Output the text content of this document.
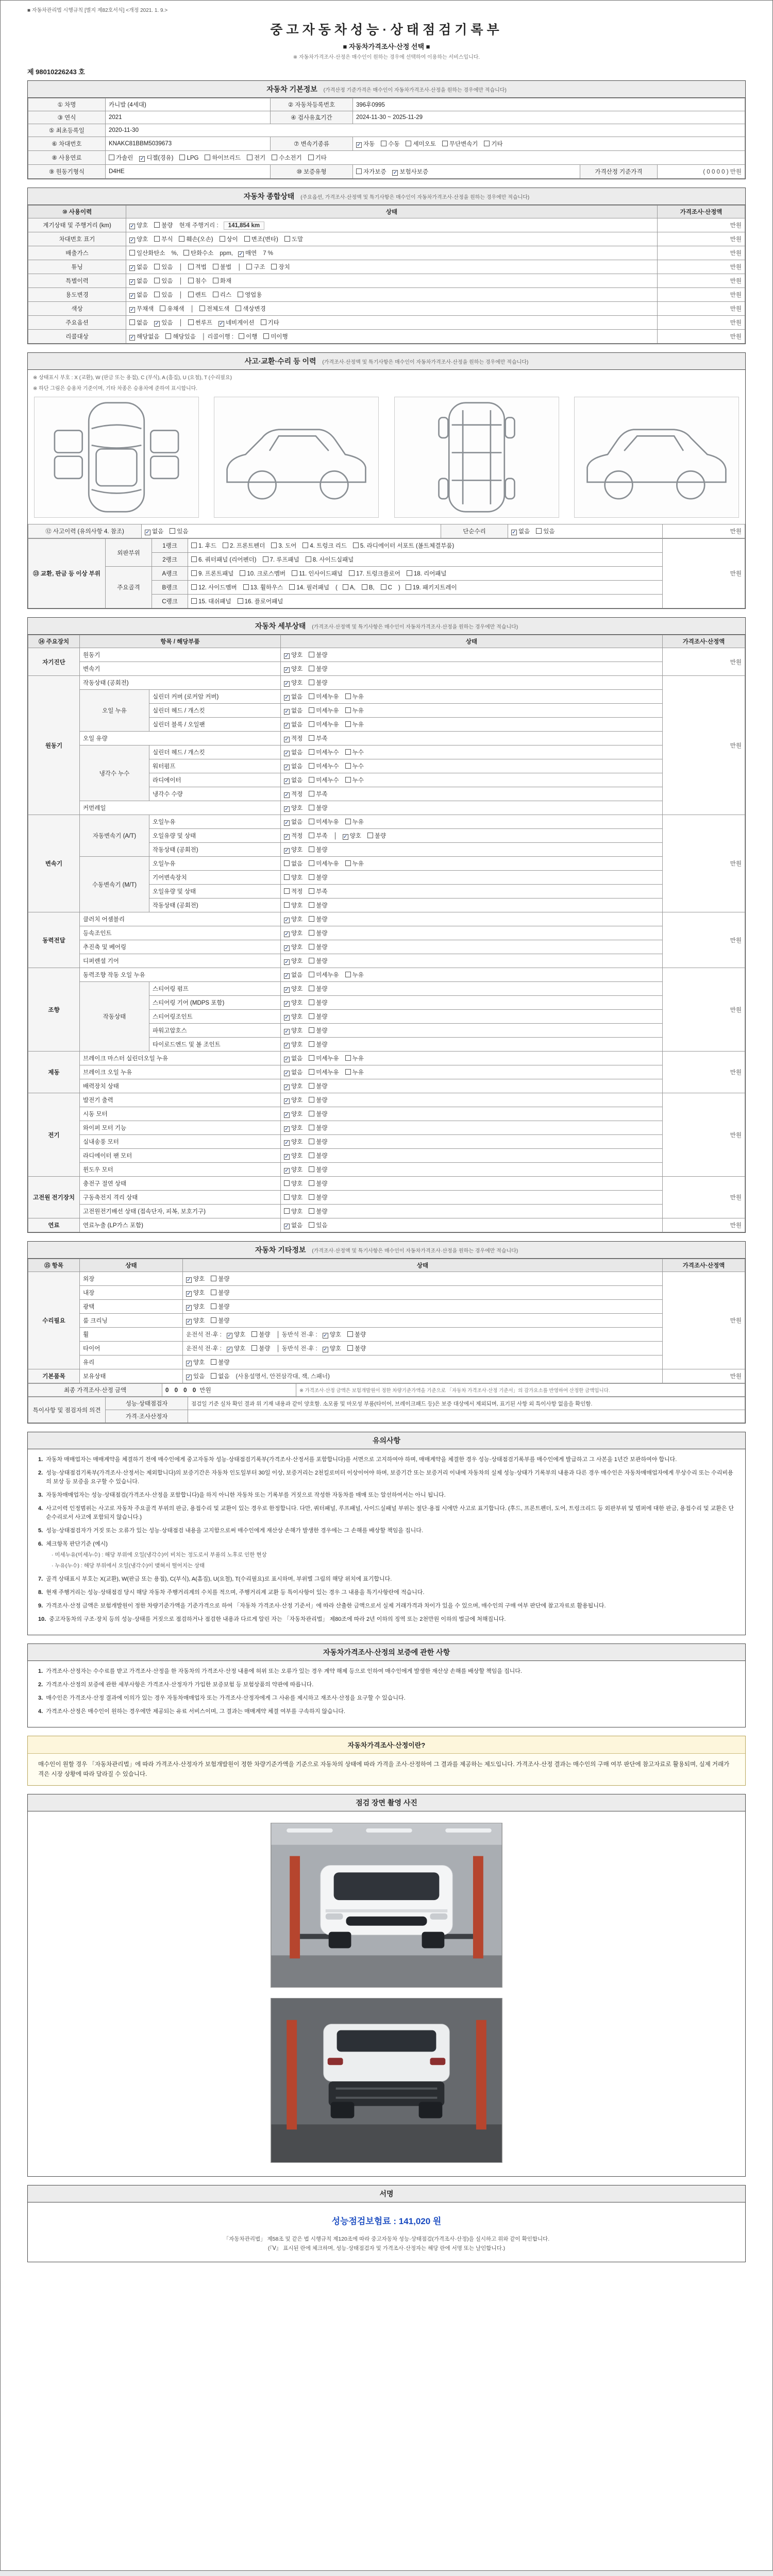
■ 자동차관리법 시행규칙 [별지 제82호서식] <개정 2021. 1. 9.>
중고자동차성능·상태점검기록부
■ 자동차가격조사·산정 선택 ■
※ 자동차가격조사·산정은 매수인이 원하는 경우에 선택하여 이용하는 서비스입니다.
제 98010226243 호
자동차 기본정보 (가격산정 기준가격은 매수인이 자동차가격조사·산정을 원하는 경우에만 적습니다)
① 차명	카니발 (4세대)	② 자동차등록번호	396후0995		
③ 연식	2021	④ 검사유효기간	2024-11-30 ~ 2025-11-29		
⑤ 최초등록일	2020-11-30				
⑥ 차대번호	KNAKC81BBM5039673	⑦ 변속기종류	✓ 자동 수동 세미오토 무단변속기 기타		
⑧ 사용연료	가솔린 ✓ 디젤(경유) LPG 하이브리드 전기 수소전기 기타				
⑨ 원동기형식	D4HE	⑩ 보증유형	자가보증 ✓ 보험사보증	가격산정 기준가격	( 0 0 0 0 ) 만원
자동차 종합상태 (주요옵션, 가격조사·산정액 및 특기사항은 매수인이 자동차가격조사·산정을 원하는 경우에만 적습니다)
⑩ 사용이력	상태	가격조사·산정액
계기상태 및 주행거리 (km)	✓ 양호 불량 현재 주행거리 : 141,854 km	만원
차대번호 표기	✓ 양호 부식 훼손(오손) 상이 변조(변타) 도말	만원
배출가스	일산화탄소 %, 탄화수소 ppm, ✓ 매연 7 %	만원
튜닝	✓ 없음 있음 │ 적법 불법 │ 구조 장치	만원
특별이력	✓ 없음 있음 │ 침수 화재	만원
용도변경	✓ 없음 있음 │ 렌트 리스 영업용	만원
색상	✓ 무채색 유채색 │ 전체도색 색상변경	만원
주요옵션	없음 ✓ 있음 │ 썬루프 ✓ 네비게이션 기타	만원
리콜대상	✓ 해당없음 해당있음 │ 리콜이행 : 이행 미이행	만원
사고·교환·수리 등 이력 (가격조사·산정액 및 특기사항은 매수인이 자동차가격조사·산정을 원하는 경우에만 적습니다)
※ 상태표시 부호 : X (교환), W (판금 또는 용접), C (부식), A (흠집), U (요철), T (수리필요)
※ 하단 그림은 승용차 기준이며, 기타 차종은 승용차에 준하여 표시합니다.
⑫ 사고이력 (유의사항 4. 참조)	✓ 없음 있음	단순수리	✓ 없음 있음	만원
⑬ 교환, 판금 등 이상 부위	외판부위	1랭크	1. 후드 2. 프론트펜더 3. 도어 4. 트렁크 리드 5. 라디에이터 서포트 (볼트체결부품)	만원
		2랭크	6. 쿼터패널 (리어펜더) 7. 루프패널 8. 사이드실패널	
	주요골격	A랭크	9. 프론트패널 10. 크로스멤버 11. 인사이드패널 17. 트렁크플로어 18. 리어패널	
		B랭크	12. 사이드멤버 13. 휠하우스 14. 필러패널 ( A, B, C ) 19. 패키지트레이	
		C랭크	15. 대쉬패널 16. 플로어패널	
자동차 세부상태 (가격조사·산정액 및 특기사항은 매수인이 자동차가격조사·산정을 원하는 경우에만 적습니다)
⑭ 주요장치	항목 / 해당부품		상태	가격조사·산정액
자기진단	원동기		✓ 양호 불량	만원
	변속기		✓ 양호 불량	
원동기	작동상태 (공회전)		✓ 양호 불량	만원
	오일 누유	실린더 커버 (로커암 커버)	✓ 없음 미세누유 누유	
		실린더 헤드 / 개스킷	✓ 없음 미세누유 누유	
		실린더 블록 / 오일팬	✓ 없음 미세누유 누유	
	오일 유량		✓ 적정 부족	
	냉각수 누수	실린더 헤드 / 개스킷	✓ 없음 미세누수 누수	
		워터펌프	✓ 없음 미세누수 누수	
		라디에이터	✓ 없음 미세누수 누수	
		냉각수 수량	✓ 적정 부족	
	커먼레일		✓ 양호 불량	
변속기	자동변속기 (A/T)	오일누유	✓ 없음 미세누유 누유	만원
		오일유량 및 상태	✓ 적정 부족 │ ✓ 양호 불량	
		작동상태 (공회전)	✓ 양호 불량	
	수동변속기 (M/T)	오일누유	없음 미세누유 누유	
		기어변속장치	양호 불량	
		오일유량 및 상태	적정 부족	
		작동상태 (공회전)	양호 불량	
동력전달	클러치 어셈블리		✓ 양호 불량	만원
	등속조인트		✓ 양호 불량	
	추진축 및 베어링		✓ 양호 불량	
	디퍼렌셜 기어		✓ 양호 불량	
조향	동력조향 작동 오일 누유		✓ 없음 미세누유 누유	만원
	작동상태	스티어링 펌프	✓ 양호 불량	
		스티어링 기어 (MDPS 포함)	✓ 양호 불량	
		스티어링조인트	✓ 양호 불량	
		파워고압호스	✓ 양호 불량	
		타이로드엔드 및 볼 조인트	✓ 양호 불량	
제동	브레이크 마스터 실린더오일 누유		✓ 없음 미세누유 누유	만원
	브레이크 오일 누유		✓ 없음 미세누유 누유	
	배력장치 상태		✓ 양호 불량	
전기	발전기 출력		✓ 양호 불량	만원
	시동 모터		✓ 양호 불량	
	와이퍼 모터 기능		✓ 양호 불량	
	실내송풍 모터		✓ 양호 불량	
	라디에이터 팬 모터		✓ 양호 불량	
	윈도우 모터		✓ 양호 불량	
고전원 전기장치	충전구 절연 상태		양호 불량	만원
	구동축전지 격리 상태		양호 불량	
	고전원전기배선 상태 (접속단자, 피복, 보호기구)		양호 불량	
연료	연료누출 (LP가스 포함)		✓ 없음 있음	만원
자동차 기타정보 (가격조사·산정액 및 특기사항은 매수인이 자동차가격조사·산정을 원하는 경우에만 적습니다)
⑮ 항목	상태	상태	가격조사·산정액
수리필요	외장	✓ 양호 불량	만원
	내장	✓ 양호 불량	
	광택	✓ 양호 불량	
	룸 크리닝	✓ 양호 불량	
	휠	운전석 전·후 : ✓ 양호 불량 │ 동반석 전·후 : ✓ 양호 불량	
	타이어	운전석 전·후 : ✓ 양호 불량 │ 동반석 전·후 : ✓ 양호 불량	
	유리	✓ 양호 불량	
기본품목	보유상태	✓ 있음 없음 (사용설명서, 안전삼각대, 잭, 스패너)	만원
최종 가격조사·산정 금액	0 0 0 0 만원	※ 가격조사·산정 금액은 보험개발원이 정한 차량기준가액을 기준으로 「자동차 가격조사·산정 기준서」의 감가요소를 반영하여 산정한 금액입니다.
특이사항 및 점검자의 의견	성능·상태점검자	점검일 기준 실차 확인 결과 위 기재 내용과 같이 양호함. 소모품 및 마모성 부품(타이어, 브레이크패드 등)은 보증 대상에서 제외되며, 표기된 사항 외 특이사항 없음을 확인함.
	가격·조사산정자	
유의사항
1. 자동차 매매업자는 매매계약을 체결하기 전에 매수인에게 중고자동차 성능·상태점검기록부(가격조사·산정서를 포함합니다)를 서면으로 고지하여야 하며, 매매계약을 체결한 경우 성능·상태점검기록부를 매수인에게 발급하고 그 사본을 1년간 보관하여야 합니다.
2. 성능·상태점검기록부(가격조사·산정서는 제외합니다)의 보증기간은 자동차 인도일부터 30일 이상, 보증거리는 2천킬로미터 이상이어야 하며, 보증기간 또는 보증거리 이내에 자동차의 실제 성능·상태가 기록부의 내용과 다른 경우 매수인은 자동차매매업자에게 무상수리 또는 수리비용의 보상 등 보증을 요구할 수 있습니다.
3. 자동차매매업자는 성능·상태점검(가격조사·산정을 포함합니다)을 하지 아니한 자동차 또는 기록부를 거짓으로 작성한 자동차를 매매 또는 알선하여서는 아니 됩니다.
4. 사고이력 인정범위는 사고로 자동차 주요골격 부위의 판금, 용접수리 및 교환이 있는 경우로 한정합니다. 다만, 쿼터패널, 루프패널, 사이드실패널 부위는 절단·용접 시에만 사고로 표기합니다. (후드, 프론트펜더, 도어, 트렁크리드 등 외판부위 및 범퍼에 대한 판금, 용접수리 및 교환은 단순수리로서 사고에 포함되지 않습니다.)
5. 성능·상태점검자가 거짓 또는 오류가 있는 성능·상태점검 내용을 고지함으로써 매수인에게 재산상 손해가 발생한 경우에는 그 손해를 배상할 책임을 집니다.
6. 체크항목 판단기준 (예시)
· 미세누유(미세누수) : 해당 부위에 오일(냉각수)이 비치는 정도로서 부품의 노후로 인한 현상
· 누유(누수) : 해당 부위에서 오일(냉각수)이 맺혀서 떨어지는 상태
7. 골격 상태표시 부호는 X(교환), W(판금 또는 용접), C(부식), A(흠집), U(요철), T(수리필요)로 표시하며, 부위별 그림의 해당 위치에 표기합니다.
8. 현재 주행거리는 성능·상태점검 당시 해당 자동차 주행거리계의 수치를 적으며, 주행거리계 교환 등 특이사항이 있는 경우 그 내용을 특기사항란에 적습니다.
9. 가격조사·산정 금액은 보험개발원이 정한 차량기준가액을 기준가격으로 하여 「자동차 가격조사·산정 기준서」에 따라 산출한 금액으로서 실제 거래가격과 차이가 있을 수 있으며, 매수인의 구매 여부 판단에 참고자료로 활용됩니다.
10. 중고자동차의 구조·장치 등의 성능·상태를 거짓으로 점검하거나 점검한 내용과 다르게 알린 자는 「자동차관리법」 제80조에 따라 2년 이하의 징역 또는 2천만원 이하의 벌금에 처해집니다.
자동차가격조사·산정의 보증에 관한 사항
1. 가격조사·산정자는 수수료를 받고 가격조사·산정을 한 자동차의 가격조사·산정 내용에 허위 또는 오류가 있는 경우 계약 해제 등으로 인하여 매수인에게 발생한 재산상 손해를 배상할 책임을 집니다.
2. 가격조사·산정의 보증에 관한 세부사항은 가격조사·산정자가 가입한 보증보험 등 보험상품의 약관에 따릅니다.
3. 매수인은 가격조사·산정 결과에 이의가 있는 경우 자동차매매업자 또는 가격조사·산정자에게 그 사유를 제시하고 재조사·산정을 요구할 수 있습니다.
4. 가격조사·산정은 매수인이 원하는 경우에만 제공되는 유료 서비스이며, 그 결과는 매매계약 체결 여부를 구속하지 않습니다.
자동차가격조사·산정이란?
매수인이 원할 경우 「자동차관리법」에 따라 가격조사·산정자가 보험개발원이 정한 차량기준가액을 기준으로 자동차의 상태에 따라 가격을 조사·산정하여 그 결과를 제공하는 제도입니다. 가격조사·산정 결과는 매수인의 구매 여부 판단에 참고자료로 활용되며, 실제 거래가격은 시장 상황에 따라 달라질 수 있습니다.
점검 장면 촬영 사진
서명
성능점검보험료 : 141,020 원
「자동차관리법」 제58조 및 같은 법 시행규칙 제120조에 따라 중고자동차 성능·상태점검(가격조사·산정)을 실시하고 위와 같이 확인합니다.
(『Ⅴ』 표시된 란에 체크하며, 성능·상태점검자 및 가격조사·산정자는 해당 란에 서명 또는 날인합니다.)
